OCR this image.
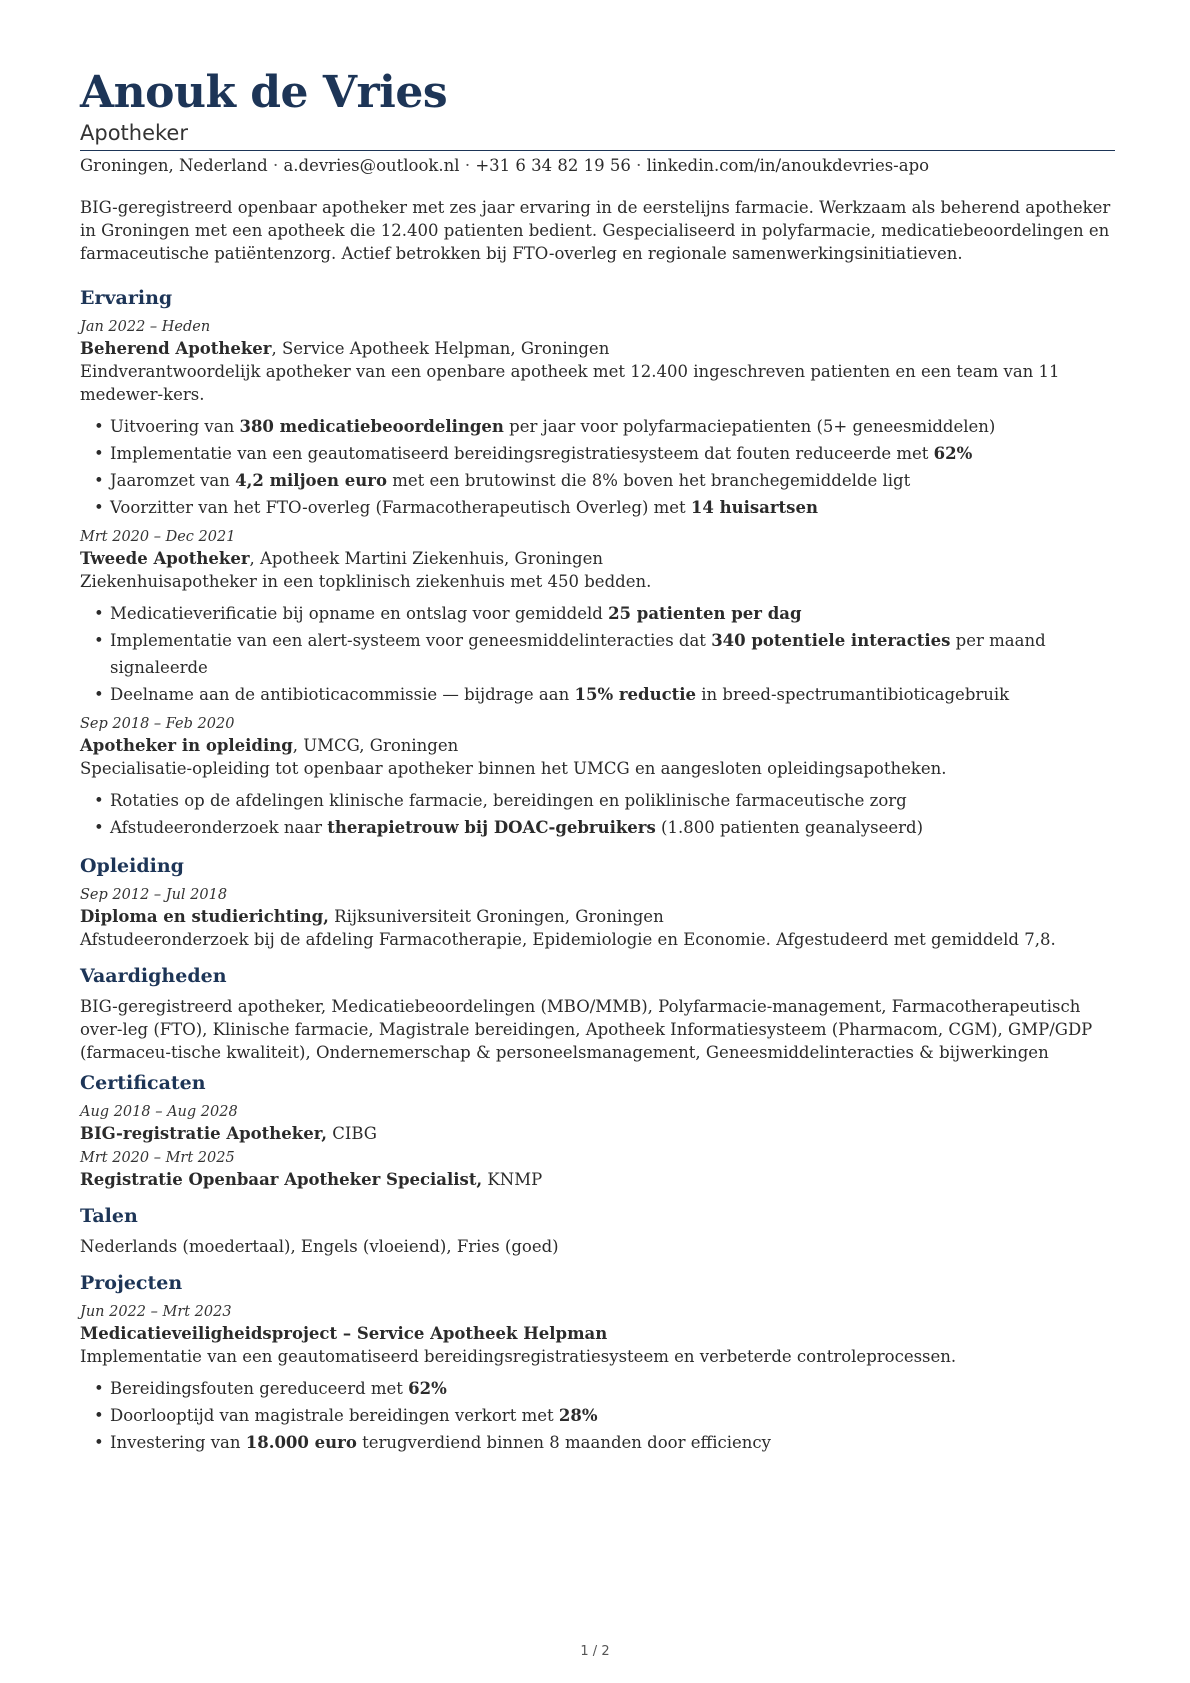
Anouk de Vries
Apotheker
Groningen, Nederland · a.devries@outlook.nl · +31 6 34 82 19 56 · linkedin.com/in/anoukdevries-apo

BIG-geregistreerd openbaar apotheker met zes jaar ervaring in de eerstelijns farmacie. Werkzaam als beherend apotheker in Groningen met een apotheek die 12.400 patienten bedient. Gespecialiseerd in polyfarmacie, medicatiebeoordelingen en farmaceutische patiëntenzorg. Actief betrokken bij FTO-overleg en regionale samenwerkingsinitiatieven.

Ervaring
Jan 2022 – Heden
Beherend Apotheker, Service Apotheek Helpman, Groningen

Eindverantwoordelijk apotheker van een openbare apotheek met 12.400 ingeschreven patienten en een team van 11 medewer-kers.

• Uitvoering van 380 medicatiebeoordelingen per jaar voor polyfarmaciepatienten (5+ geneesmiddelen)
• Implementatie van een geautomatiseerd bereidingsregistratiesysteem dat fouten reduceerde met 62%
• Jaaromzet van 4,2 miljoen euro met een brutowinst die 8% boven het branchegemiddelde ligt
• Voorzitter van het FTO-overleg (Farmacotherapeutisch Overleg) met 14 huisartsen
Mrt 2020 – Dec 2021
Tweede Apotheker, Apotheek Martini Ziekenhuis, Groningen

Ziekenhuisapotheker in een topklinisch ziekenhuis met 450 bedden.

• Medicatieverificatie bij opname en ontslag voor gemiddeld 25 patienten per dag
• Implementatie van een alert-systeem voor geneesmiddelinteracties dat 340 potentiele interacties per maand signaleerde
• Deelname aan de antibioticacommissie — bijdrage aan 15% reductie in breed-spectrumantibioticagebruik
Sep 2018 – Feb 2020
Apotheker in opleiding, UMCG, Groningen

Specialisatie-opleiding tot openbaar apotheker binnen het UMCG en aangesloten opleidingsapotheken.

• Rotaties op de afdelingen klinische farmacie, bereidingen en poliklinische farmaceutische zorg
• Afstudeeronderzoek naar therapietrouw bij DOAC-gebruikers (1.800 patienten geanalyseerd)
Opleiding
Sep 2012 – Jul 2018
Diploma en studierichting, Rijksuniversiteit Groningen, Groningen

Afstudeeronderzoek bij de afdeling Farmacotherapie, Epidemiologie en Economie. Afgestudeerd met gemiddeld 7,8.

Vaardigheden

BIG-geregistreerd apotheker, Medicatiebeoordelingen (MBO/MMB), Polyfarmacie-management, Farmacotherapeutisch over-leg (FTO), Klinische farmacie, Magistrale bereidingen, Apotheek Informatiesysteem (Pharmacom, CGM), GMP/GDP (farmaceu-tische kwaliteit), Ondernemerschap & personeelsmanagement, Geneesmiddelinteracties & bijwerkingen

Certificaten
Aug 2018 – Aug 2028
BIG-registratie Apotheker, CIBG
Mrt 2020 – Mrt 2025
Registratie Openbaar Apotheker Specialist, KNMP
Talen

Nederlands (moedertaal), Engels (vloeiend), Fries (goed)

Projecten
Jun 2022 – Mrt 2023
Medicatieveiligheidsproject – Service Apotheek Helpman

Implementatie van een geautomatiseerd bereidingsregistratiesysteem en verbeterde controleprocessen.

• Bereidingsfouten gereduceerd met 62%
• Doorlooptijd van magistrale bereidingen verkort met 28%
• Investering van 18.000 euro terugverdiend binnen 8 maanden door efficiency
1 / 2
